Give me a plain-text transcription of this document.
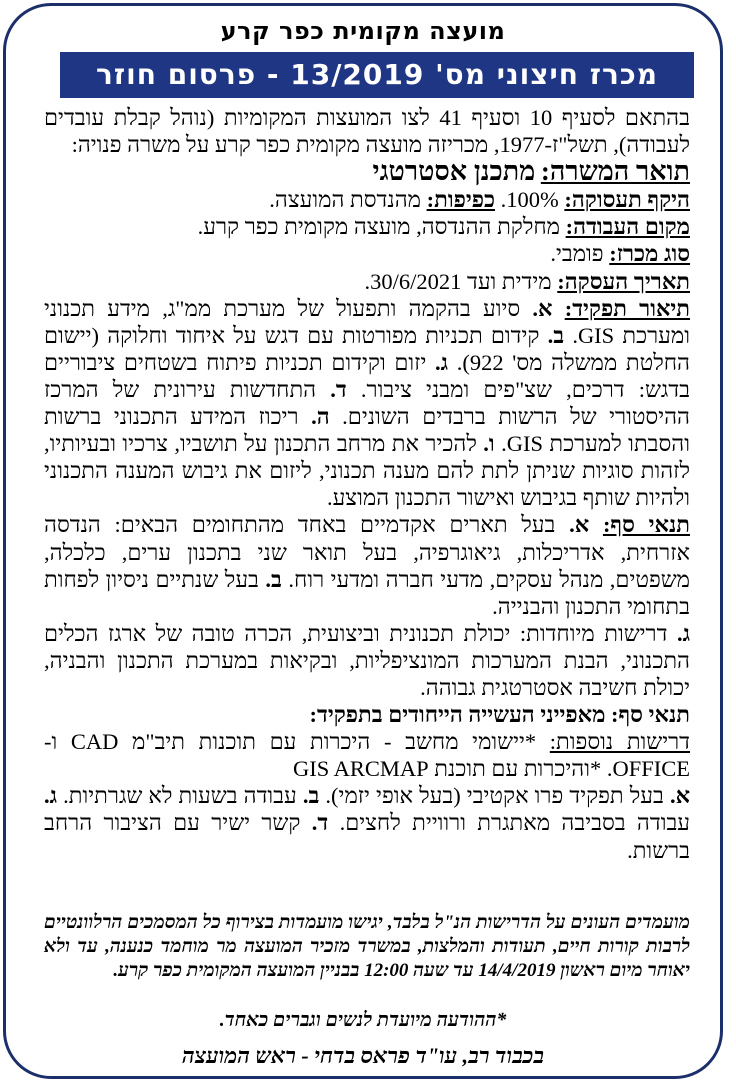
מועצה מקומית כפר קרע
מכרז חיצוני מס' 13/2019 - פרסום חוזר

בהתאם לסעיף 10 וסעיף 41 לצו המועצות המקומיות (נוהל קבלת עובדים לעבודה), תשל"ז-1977, מכריזה מועצה מקומית כפר קרע על משרה פנויה:

תואר המשרה: מתכנן אסטרטגי

היקף תעסוקה: 100%. כפיפות: מהנדסת המועצה.

מקום העבודה: מחלקת ההנדסה, מועצה מקומית כפר קרע.

סוג מכרז: פומבי.

תאריך העסקה: מידית ועד 30/6/2021.

תיאור תפקיד: א. סיוע בהקמה ותפעול של מערכת ממ"ג, מידע תכנוני ומערכת GIS. ב. קידום תכניות מפורטות עם דגש על איחוד וחלוקה (יישום החלטת ממשלה מס' 922). ג. יזום וקידום תכניות פיתוח בשטחים ציבוריים בדגש: דרכים, שצ"פים ומבני ציבור. ד. התחדשות עירונית של המרכז ההיסטורי של הרשות ברבדים השונים. ה. ריכוז המידע התכנוני ברשות והסבתו למערכת GIS. ו. להכיר את מרחב התכנון על תושביו, צרכיו ובעיותיו, לזהות סוגיות שניתן לתת להם מענה תכנוני, ליזום את גיבוש המענה התכנוני ולהיות שותף בגיבוש ואישור התכנון המוצע.

תנאי סף: א. בעל תארים אקדמיים באחד מהתחומים הבאים: הנדסה אזרחית, אדריכלות, גיאוגרפיה, בעל תואר שני בתכנון ערים, כלכלה, משפטים, מנהל עסקים, מדעי חברה ומדעי רוח. ב. בעל שנתיים ניסיון לפחות בתחומי התכנון והבנייה.

ג. דרישות מיוחדות: יכולת תכנונית וביצועית, הכרה טובה של ארגז הכלים התכנוני, הבנת המערכות המונציפליות, ובקיאות במערכת התכנון והבניה, יכולת חשיבה אסטרטגית גבוהה.

תנאי סף: מאפייני העשייה הייחודים בתפקיד:

דרישות נוספות: *יישומי מחשב - היכרות עם תוכנות תיב"מ CAD ו-OFFICE. *והיכרות עם תוכנת GIS ARCMAP

א. בעל תפקיד פרו אקטיבי (בעל אופי יזמי). ב. עבודה בשעות לא שגרתיות. ג. עבודה בסביבה מאתגרת ורוויית לחצים. ד. קשר ישיר עם הציבור הרחב ברשות.

מועמדים העונים על הדרישות הנ"ל בלבד, יגישו מועמדות בצירוף כל המסמכים הרלוונטיים לרבות קורות חיים, תעודות והמלצות, במשרד מזכיר המועצה מר מוחמד כנענה, עד ולא יאוחר מיום ראשון 14/4/2019 עד שעה 12:00 בבניין המועצה המקומית כפר קרע.
*ההודעה מיועדת לנשים וגברים כאחד.
בכבוד רב, עו"ד פראס בדחי - ראש המועצה
